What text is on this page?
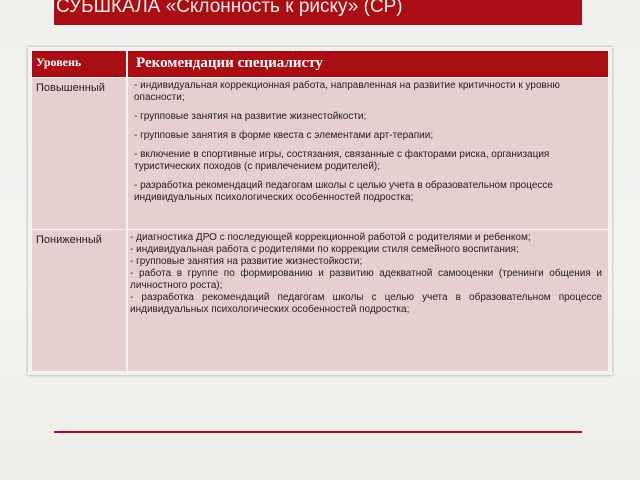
СУБШКАЛА «Склонность к риску» (СР)
Уровень	Рекомендации специалисту
Повышенный	- индивидуальная коррекционная работа, направленная на развитие критичности к уровню опасности;

- групповые занятия на развитие жизнестойкости;

- групповые занятия в форме квеста с элементами арт-терапии;

- включение в спортивные игры, состязания, связанные с факторами риска, организация туристических походов (с привлечением родителей);

- разработка рекомендаций педагогам школы с целью учета в образовательном процессе индивидуальных психологических особенностей подростка;

Пониженный	- диагностика ДРО с последующей коррекционной работой с родителями и ребенком;

- индивидуальная работа с родителями по коррекции стиля семейного воспитания;

- групповые занятия на развитие жизнестойкости;

- работа в группе по формированию и развитию адекватной самооценки (тренинги общения и личностного роста);

- разработка рекомендаций педагогам школы с целью учета в образовательном процессе индивидуальных психологических особенностей подростка;
